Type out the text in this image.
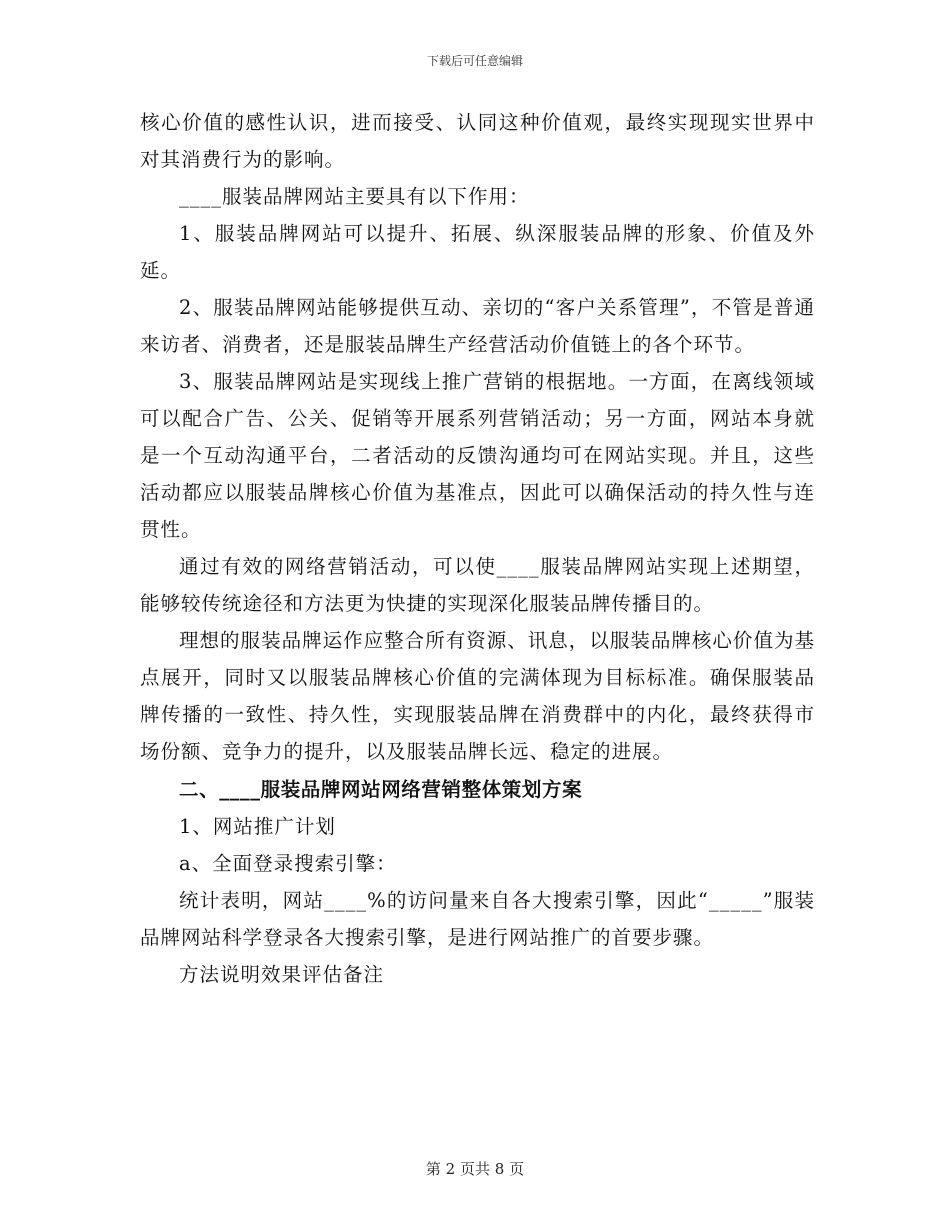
下载后可任意编辑

核心价值的感性认识，进而接受、认同这种价值观，最终实现现实世界中对其消费行为的影响。

____服装品牌网站主要具有以下作用：

1、服装品牌网站可以提升、拓展、纵深服装品牌的形象、价值及外延。

2、服装品牌网站能够提供互动、亲切的“客户关系管理”，不管是普通来访者、消费者，还是服装品牌生产经营活动价值链上的各个环节。

3、服装品牌网站是实现线上推广营销的根据地。一方面，在离线领域可以配合广告、公关、促销等开展系列营销活动；另一方面，网站本身就是一个互动沟通平台，二者活动的反馈沟通均可在网站实现。并且，这些活动都应以服装品牌核心价值为基准点，因此可以确保活动的持久性与连贯性。

通过有效的网络营销活动，可以使____服装品牌网站实现上述期望，能够较传统途径和方法更为快捷的实现深化服装品牌传播目的。

理想的服装品牌运作应整合所有资源、讯息，以服装品牌核心价值为基点展开，同时又以服装品牌核心价值的完满体现为目标标准。确保服装品牌传播的一致性、持久性，实现服装品牌在消费群中的内化，最终获得市场份额、竞争力的提升，以及服装品牌长远、稳定的进展。

二、____服装品牌网站网络营销整体策划方案

1、网站推广计划

a、全面登录搜索引擎：

统计表明，网站____%的访问量来自各大搜索引擎，因此“_____”服装品牌网站科学登录各大搜索引擎，是进行网站推广的首要步骤。

方法说明效果评估备注

第 2 页共 8 页
